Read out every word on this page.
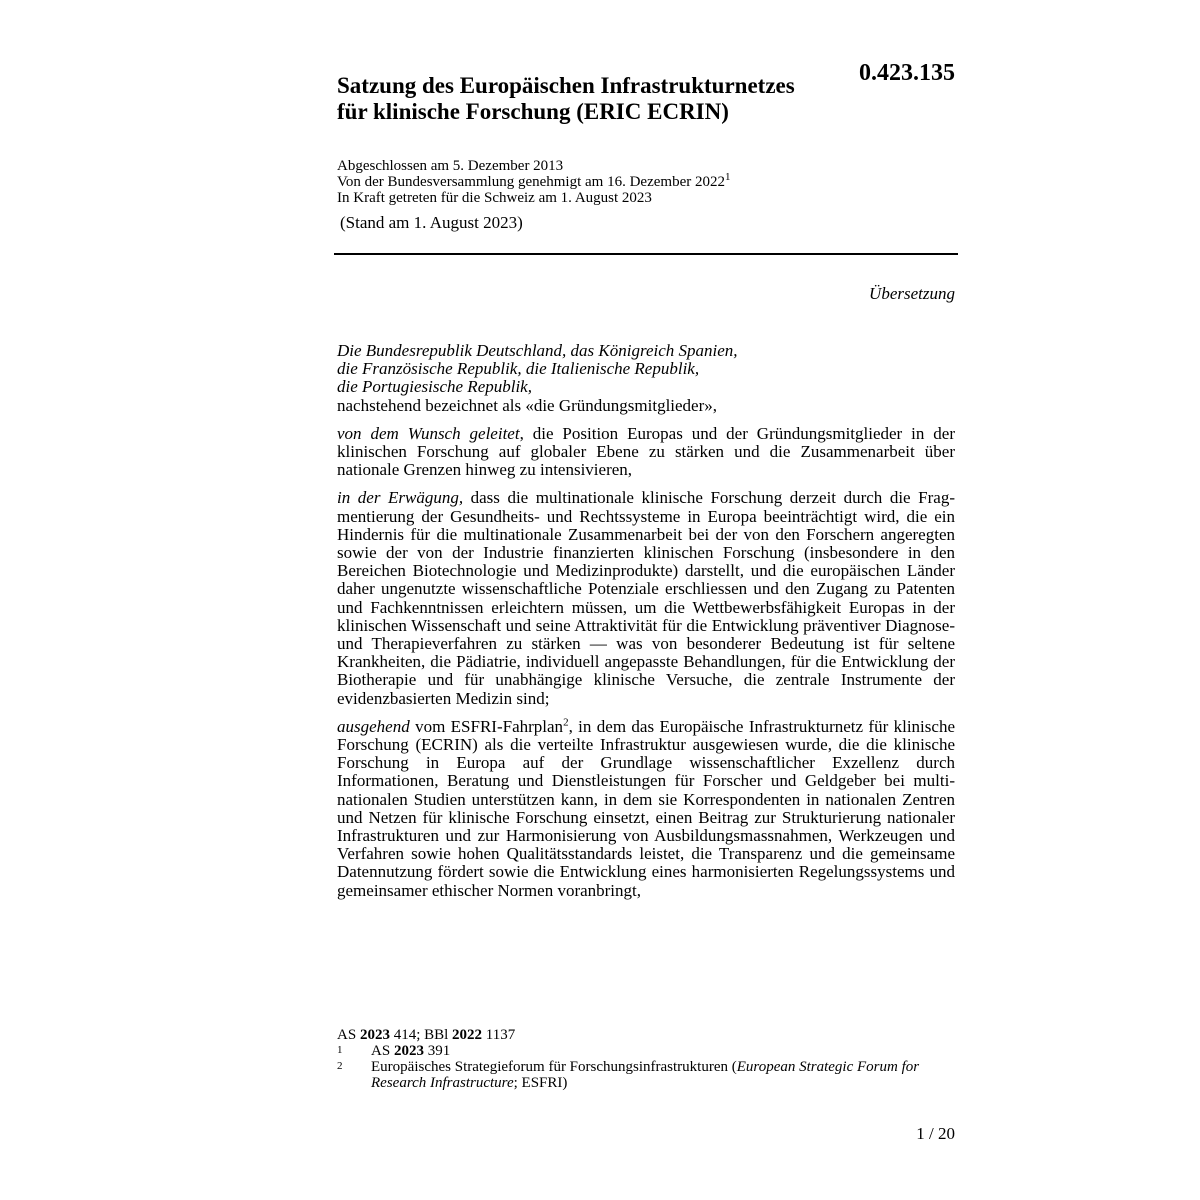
0.423.135
Satzung des Europäischen Infrastrukturnetzes
für klinische Forschung (ERIC ECRIN)
Abgeschlossen am 5. Dezember 2013
Von der Bundesversammlung genehmigt am 16. Dezember 2022$^1$
In Kraft getreten für die Schweiz am 1. August 2023
(Stand am 1. August 2023)
Übersetzung
Die Bundesrepublik Deutschland, das Königreich Spanien,
die Französische Republik, die Italienische Republik,
die Portugiesische Republik,
nachstehend bezeichnet als «die Gründungsmitglieder»,

von dem Wunsch geleitet, die Position Europas und der Gründungsmitglieder in der klinischen Forschung auf globaler Ebene zu stärken und die Zusammenarbeit über nationale Grenzen hinweg zu intensivieren,

in der Erwägung, dass die multinationale klinische Forschung derzeit durch die Fragmentierung der Gesundheits- und Rechtssysteme in Europa beeinträchtigt wird, die ein Hindernis für die multinationale Zusammenarbeit bei der von den Forschern angeregten sowie der von der Industrie finanzierten klinischen Forschung (insbesondere in den Bereichen Biotechnologie und Medizinprodukte) darstellt, und die europäischen Länder daher ungenutzte wissenschaftliche Potenziale erschliessen und den Zugang zu Patenten und Fachkenntnissen erleichtern müssen, um die Wettbewerbsfähigkeit Europas in der klinischen Wissenschaft und seine Attraktivität für die Entwicklung präventiver Diagnose- und Therapieverfahren zu stärken — was von besonderer Bedeutung ist für seltene Krankheiten, die Pädiatrie, individuell angepasste Behandlungen, für die Entwicklung der Biotherapie und für unabhängige klinische Versuche, die zentrale Instrumente der evidenzbasierten Medizin sind;

ausgehend vom ESFRI-Fahrplan$^2$, in dem das Europäische Infrastrukturnetz für klinische Forschung (ECRIN) als die verteilte Infrastruktur ausgewiesen wurde, die die klinische Forschung in Europa auf der Grundlage wissenschaftlicher Exzellenz durch Informationen, Beratung und Dienstleistungen für Forscher und Geldgeber bei multinationalen Studien unterstützen kann, in dem sie Korrespondenten in nationalen Zentren und Netzen für klinische Forschung einsetzt, einen Beitrag zur Strukturierung nationaler Infrastrukturen und zur Harmonisierung von Ausbildungsmassnahmen, Werkzeugen und Verfahren sowie hohen Qualitätsstandards leistet, die Transparenz und die gemeinsame Datennutzung fördert sowie die Entwicklung eines harmonisierten Regelungssystems und gemeinsamer ethischer Normen voranbringt,

AS 2023 414; BBl 2022 1137
1	AS 2023 391
2	Europäisches Strategieforum für Forschungsinfrastrukturen (European Strategic Forum for Research Infrastructure; ESFRI)
1 / 20
